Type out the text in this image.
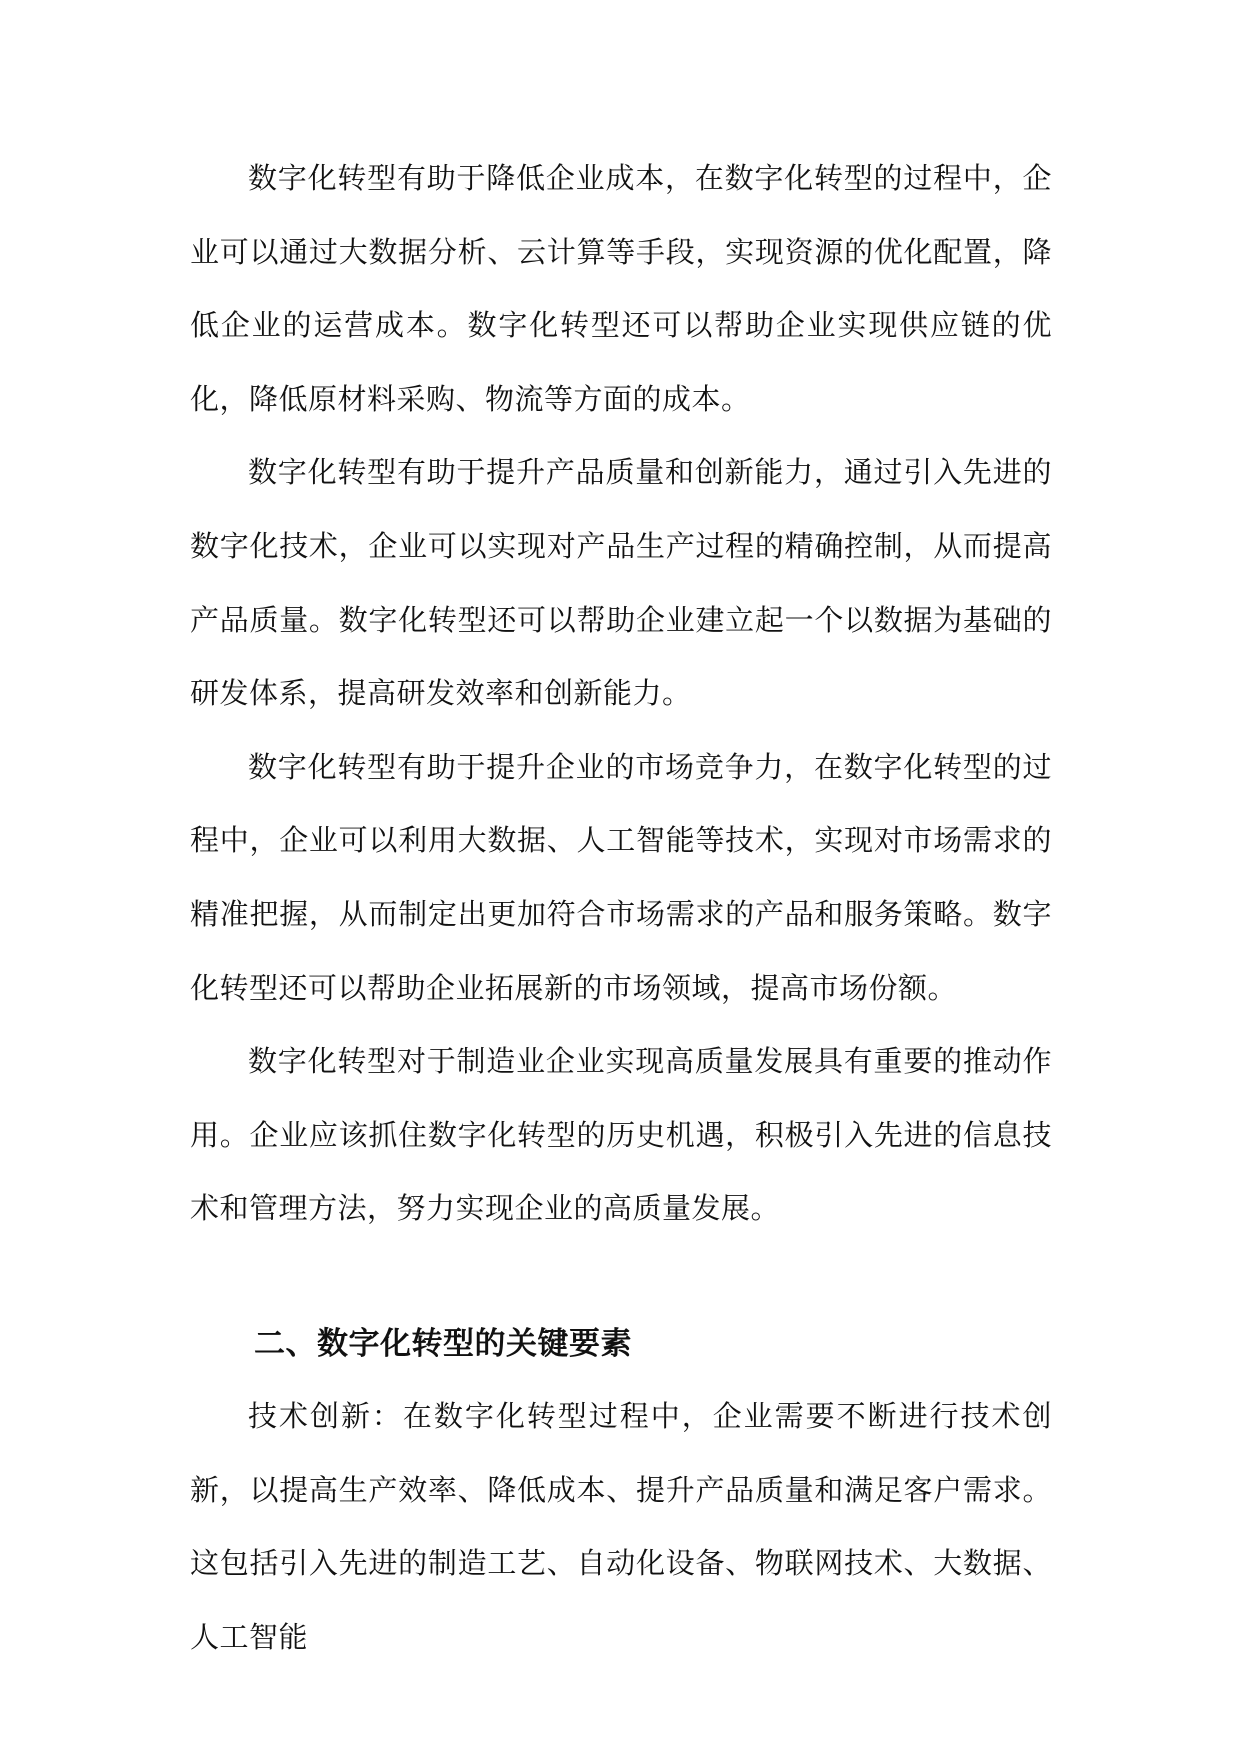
数字化转型有助于降低企业成本，在数字化转型的过程中，企业可以通过大数据分析、云计算等手段，实现资源的优化配置，降低企业的运营成本。数字化转型还可以帮助企业实现供应链的优化，降低原材料采购、物流等方面的成本。

数字化转型有助于提升产品质量和创新能力，通过引入先进的数字化技术，企业可以实现对产品生产过程的精确控制，从而提高产品质量。数字化转型还可以帮助企业建立起一个以数据为基础的研发体系，提高研发效率和创新能力。

数字化转型有助于提升企业的市场竞争力，在数字化转型的过程中，企业可以利用大数据、人工智能等技术，实现对市场需求的精准把握，从而制定出更加符合市场需求的产品和服务策略。数字化转型还可以帮助企业拓展新的市场领域，提高市场份额。

数字化转型对于制造业企业实现高质量发展具有重要的推动作用。企业应该抓住数字化转型的历史机遇，积极引入先进的信息技术和管理方法，努力实现企业的高质量发展。

二、数字化转型的关键要素

技术创新：在数字化转型过程中，企业需要不断进行技术创新，以提高生产效率、降低成本、提升产品质量和满足客户需求。这包括引入先进的制造工艺、自动化设备、物联网技术、大数据、人工智能
